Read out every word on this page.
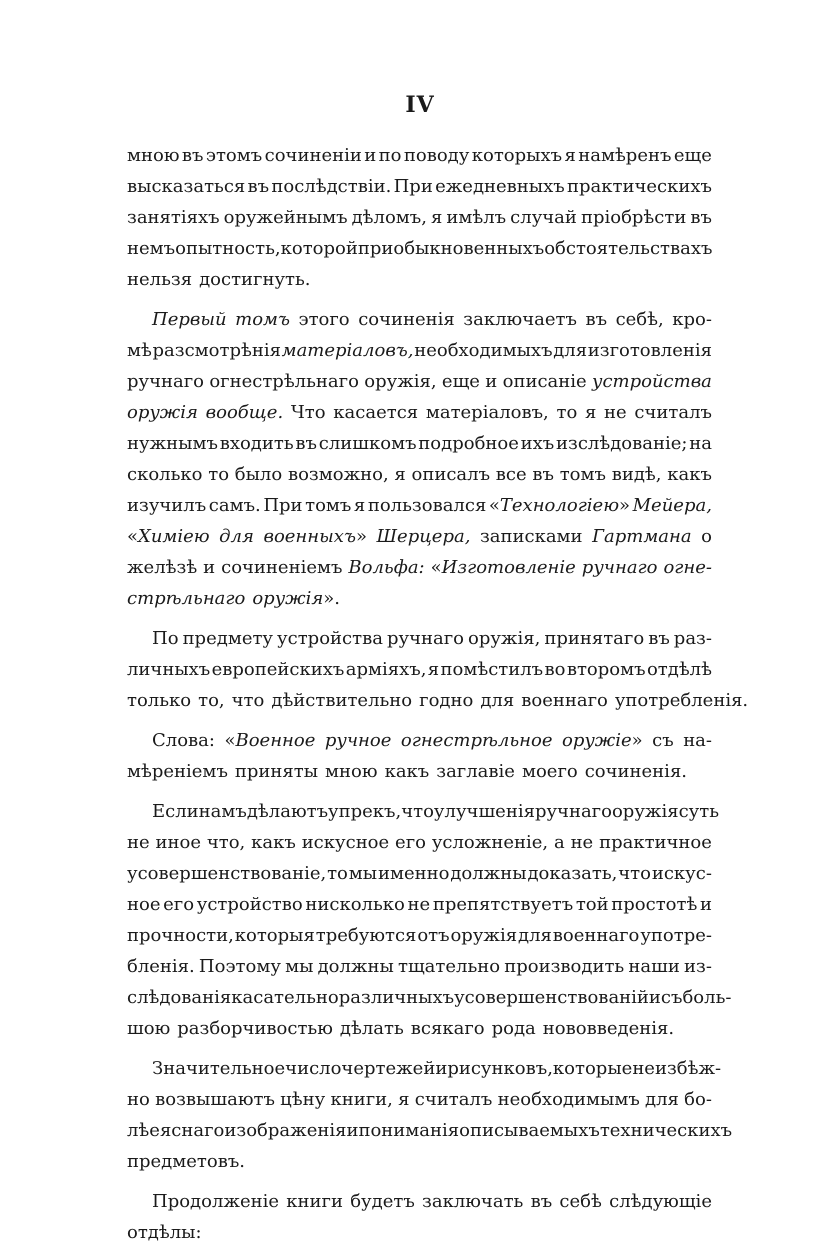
IV
мною въ этомъ сочиненiи и по поводу которыхъ я намѣренъ еще
высказаться въ послѣдствiи. При ежедневныхъ практическихъ
занятiяхъ оружейнымъ дѣломъ, я имѣлъ случай прiобрѣсти въ
немъ опытность, которой при обыкновенныхъ обстоятельствахъ
нельзя достигнуть.
Первый томъ этого сочиненiя заключаетъ въ себѣ, кро-
мѣ разсмотрѣнiя матерiаловъ, необходимыхъ для изготовленiя
ручнаго огнестрѣльнаго оружiя, еще и описанiе устройства
оружiя вообще. Что касается матерiаловъ, то я не считалъ
нужнымъ входить въ слишкомъ подробное ихъ изслѣдованiе; на
сколько то было возможно, я описалъ все въ томъ видѣ, какъ
изучилъ самъ. При томъ я пользовался «Технологiею» Мейера,
«Химiею для военныхъ» Шерцера, записками Гартмана о
желѣзѣ и сочиненiемъ Вольфа: «Изготовленiе ручнаго огне-
стрѣльнаго оружiя».
По предмету устройства ручнаго оружiя, принятаго въ раз-
личныхъ европейскихъ армiяхъ, я помѣстилъ во второмъ отдѣлѣ
только то, что дѣйствительно годно для военнаго употребленiя.
Слова: «Военное ручное огнестрѣльное оружiе» съ на-
мѣренiемъ приняты мною какъ заглавiе моего сочиненiя.
Если намъ дѣлаютъ упрекъ, что улучшенiя ручнаго оружiя суть
не иное что, какъ искусное его усложненiе, а не практичное
усовершенствованiе, то мы именно должны доказать, что искус-
ное его устройство нисколько не препятствуетъ той простотѣ и
прочности, которыя требуются отъ оружiя для военнаго употре-
бленiя. Поэтому мы должны тщательно производить наши из-
слѣдованiя касательно различныхъ усовершенствованiй и съ боль-
шою разборчивостью дѣлать всякаго рода нововведенiя.
Значительное число чертежей и рисунковъ, которые неизбѣж-
но возвышаютъ цѣну книги, я считалъ необходимымъ для бо-
лѣе яснаго изображенiя и пониманiя описываемыхъ техническихъ
предметовъ.
Продолженiе книги будетъ заключать въ себѣ слѣдующiе
отдѣлы:
